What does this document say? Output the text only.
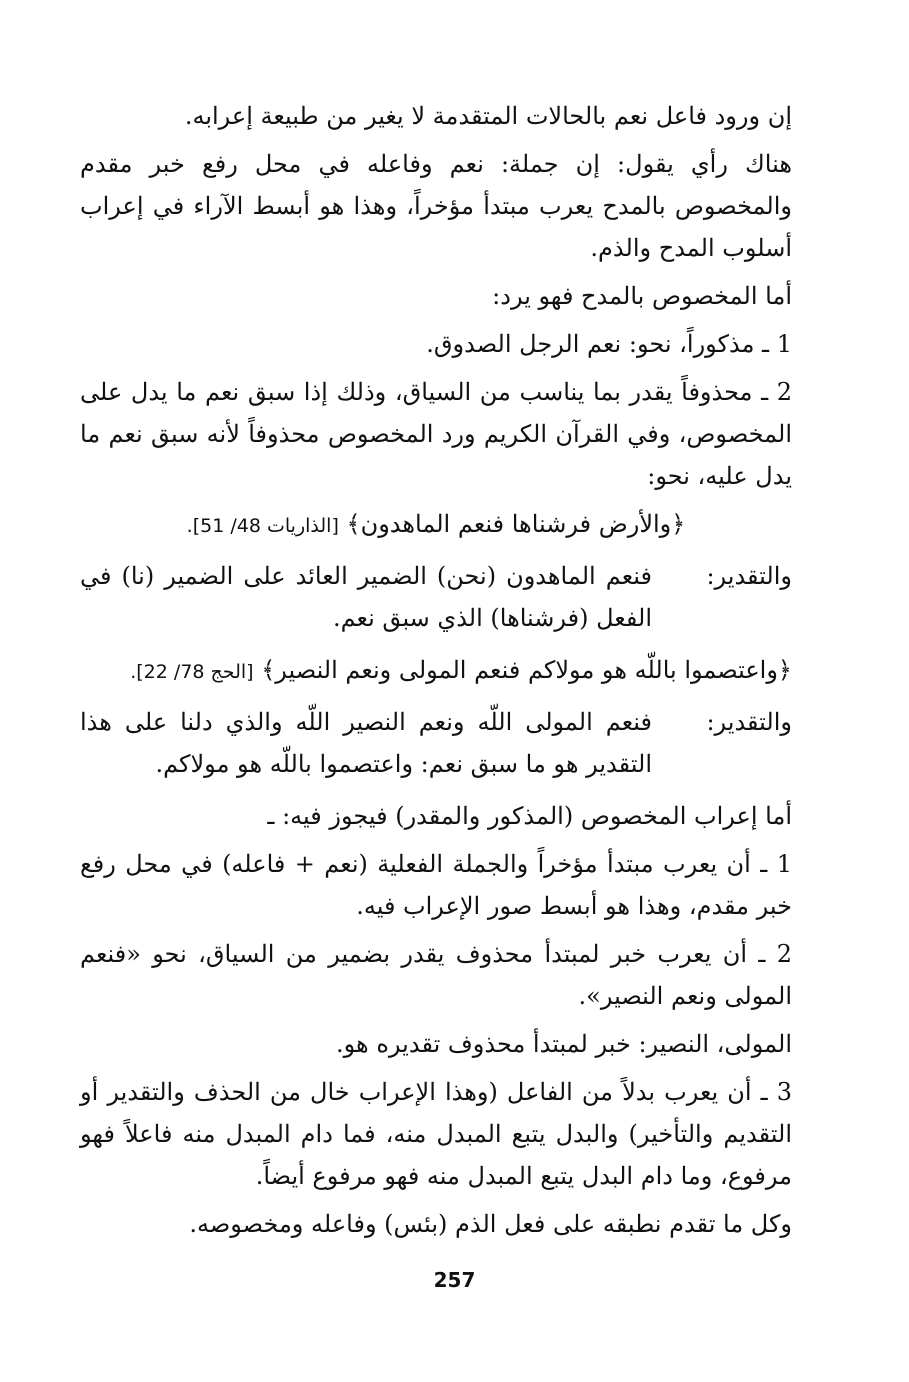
إن ورود فاعل نعم بالحالات المتقدمة لا يغير من طبيعة إعرابه.

هناك رأي يقول: إن جملة: نعم وفاعله في محل رفع خبر مقدم والمخصوص بالمدح يعرب مبتدأ مؤخراً، وهذا هو أبسط الآراء في إعراب أسلوب المدح والذم.

أما المخصوص بالمدح فهو يرد:

1 ـ مذكوراً، نحو: نعم الرجل الصدوق.

2 ـ محذوفاً يقدر بما يناسب من السياق، وذلك إذا سبق نعم ما يدل على المخصوص، وفي القرآن الكريم ورد المخصوص محذوفاً لأنه سبق نعم ما يدل عليه، نحو:

﴿والأرض فرشناها فنعم الماهدون﴾ [الذاريات 48/ 51].

والتقدير:
فنعم الماهدون (نحن) الضمير العائد على الضمير (نا) في الفعل (فرشناها) الذي سبق نعم.

﴿واعتصموا باللّه هو مولاكم فنعم المولى ونعم النصير﴾ [الحج 78/ 22].

والتقدير:
فنعم المولى اللّه ونعم النصير اللّه والذي دلنا على هذا التقدير هو ما سبق نعم: واعتصموا باللّه هو مولاكم.

أما إعراب المخصوص (المذكور والمقدر) فيجوز فيه: ـ

1 ـ أن يعرب مبتدأ مؤخراً والجملة الفعلية (نعم + فاعله) في محل رفع خبر مقدم، وهذا هو أبسط صور الإعراب فيه.

2 ـ أن يعرب خبر لمبتدأ محذوف يقدر بضمير من السياق، نحو «فنعم المولى ونعم النصير».

المولى، النصير: خبر لمبتدأ محذوف تقديره هو.

3 ـ أن يعرب بدلاً من الفاعل (وهذا الإعراب خال من الحذف والتقدير أو التقديم والتأخير) والبدل يتبع المبدل منه، فما دام المبدل منه فاعلاً فهو مرفوع، وما دام البدل يتبع المبدل منه فهو مرفوع أيضاً.

وكل ما تقدم نطبقه على فعل الذم (بئس) وفاعله ومخصوصه.

257
